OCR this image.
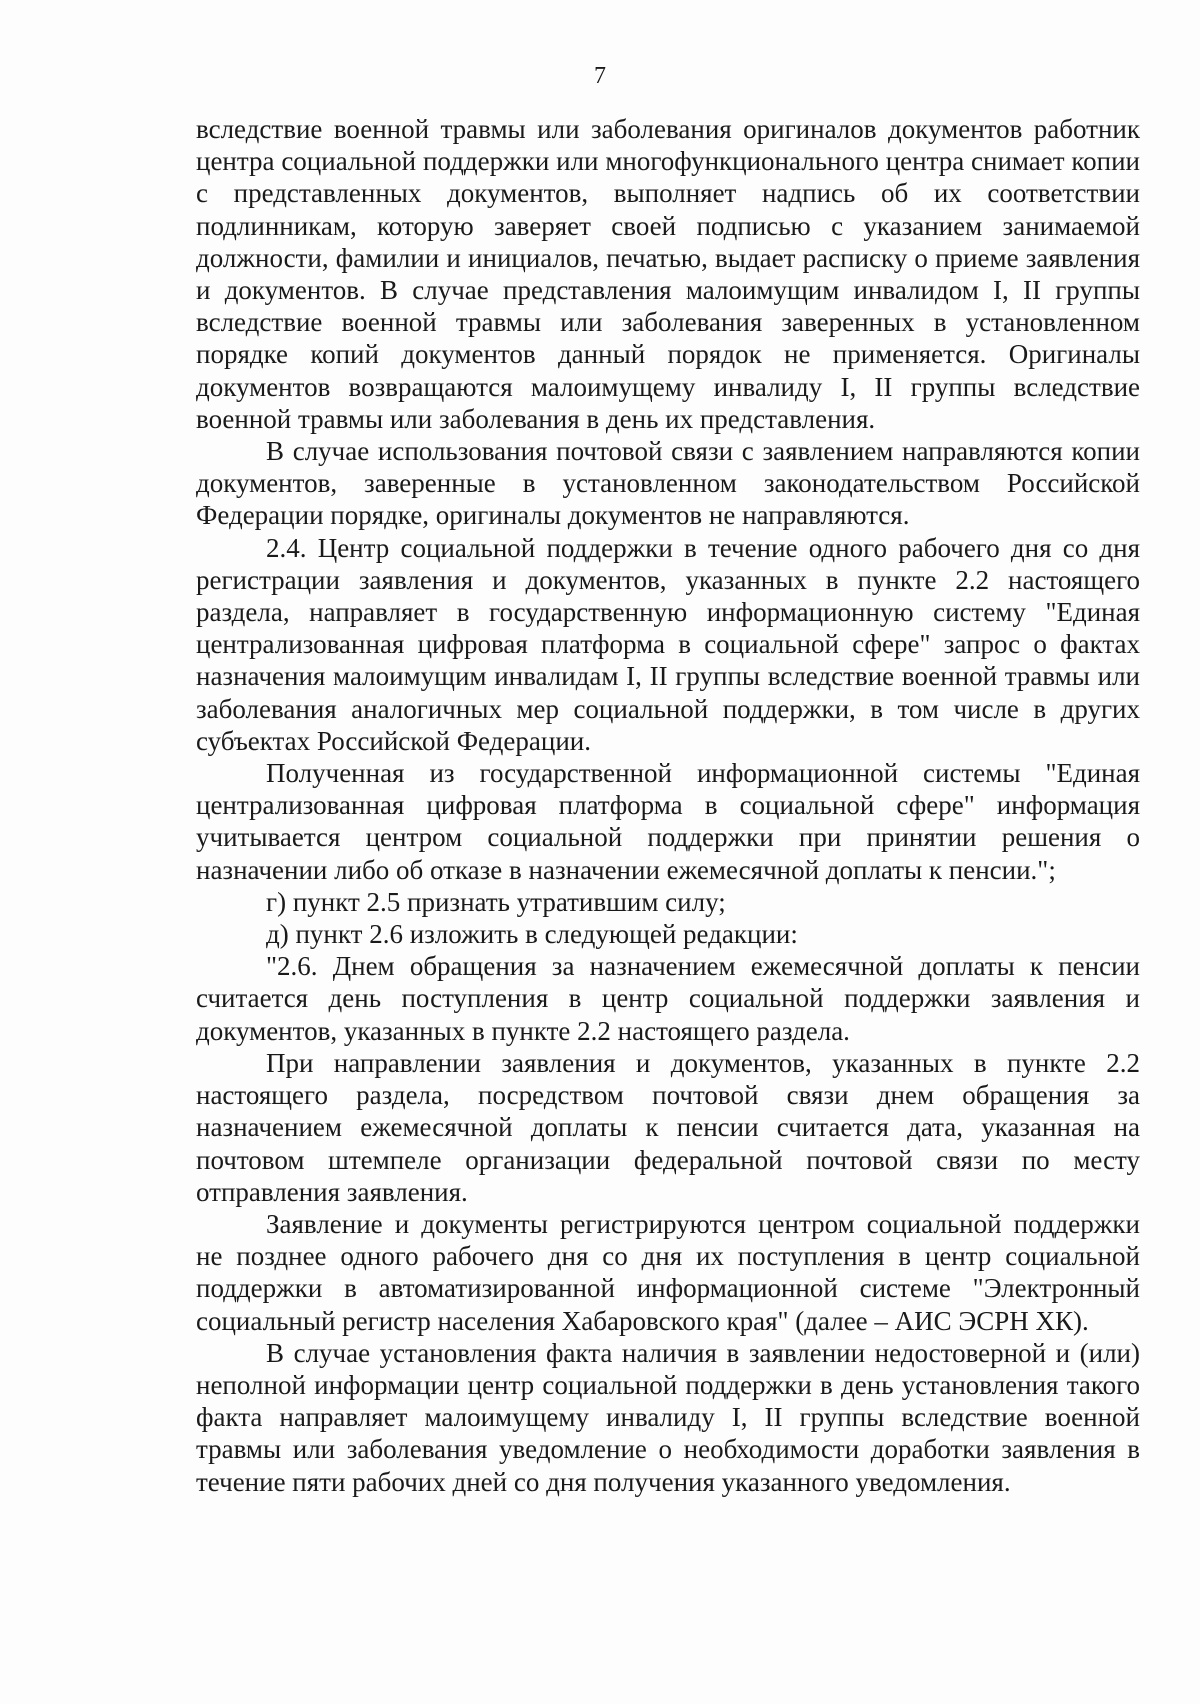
7

вследствие военной травмы или заболевания оригиналов документов работник центра социальной поддержки или многофункционального центра снимает копии с представленных документов, выполняет надпись об их соответствии подлинникам, которую заверяет своей подписью с указанием занимаемой должности, фамилии и инициалов, печатью, выдает расписку о приеме заявления и документов. В случае представления малоимущим инвалидом I, II группы вследствие военной травмы или заболевания заверенных в установленном порядке копий документов данный порядок не применяется. Оригиналы документов возвращаются малоимущему инвалиду I, II группы вследствие военной травмы или заболевания в день их представления.

В случае использования почтовой связи с заявлением направляются копии документов, заверенные в установленном законодательством Российской Федерации порядке, оригиналы документов не направляются.

2.4. Центр социальной поддержки в течение одного рабочего дня со дня регистрации заявления и документов, указанных в пункте 2.2 настоящего раздела, направляет в государственную информационную систему "Единая централизованная цифровая платформа в социальной сфере" запрос о фактах назначения малоимущим инвалидам I, II группы вследствие военной травмы или заболевания аналогичных мер социальной поддержки, в том числе в других субъектах Российской Федерации.

Полученная из государственной информационной системы "Единая централизованная цифровая платформа в социальной сфере" информация учитывается центром социальной поддержки при принятии решения о назначении либо об отказе в назначении ежемесячной доплаты к пенсии.";

г) пункт 2.5 признать утратившим силу;

д) пункт 2.6 изложить в следующей редакции:

"2.6. Днем обращения за назначением ежемесячной доплаты к пенсии считается день поступления в центр социальной поддержки заявления и документов, указанных в пункте 2.2 настоящего раздела.

При направлении заявления и документов, указанных в пункте 2.2 настоящего раздела, посредством почтовой связи днем обращения за назначением ежемесячной доплаты к пенсии считается дата, указанная на почтовом штемпеле организации федеральной почтовой связи по месту отправления заявления.

Заявление и документы регистрируются центром социальной поддержки не позднее одного рабочего дня со дня их поступления в центр социальной поддержки в автоматизированной информационной системе "Электронный социальный регистр населения Хабаровского края" (далее – АИС ЭСРН ХК).

В случае установления факта наличия в заявлении недостоверной и (или) неполной информации центр социальной поддержки в день установления такого факта направляет малоимущему инвалиду I, II группы вследствие военной травмы или заболевания уведомление о необходимости доработки заявления в течение пяти рабочих дней со дня получения указанного уведомления.
